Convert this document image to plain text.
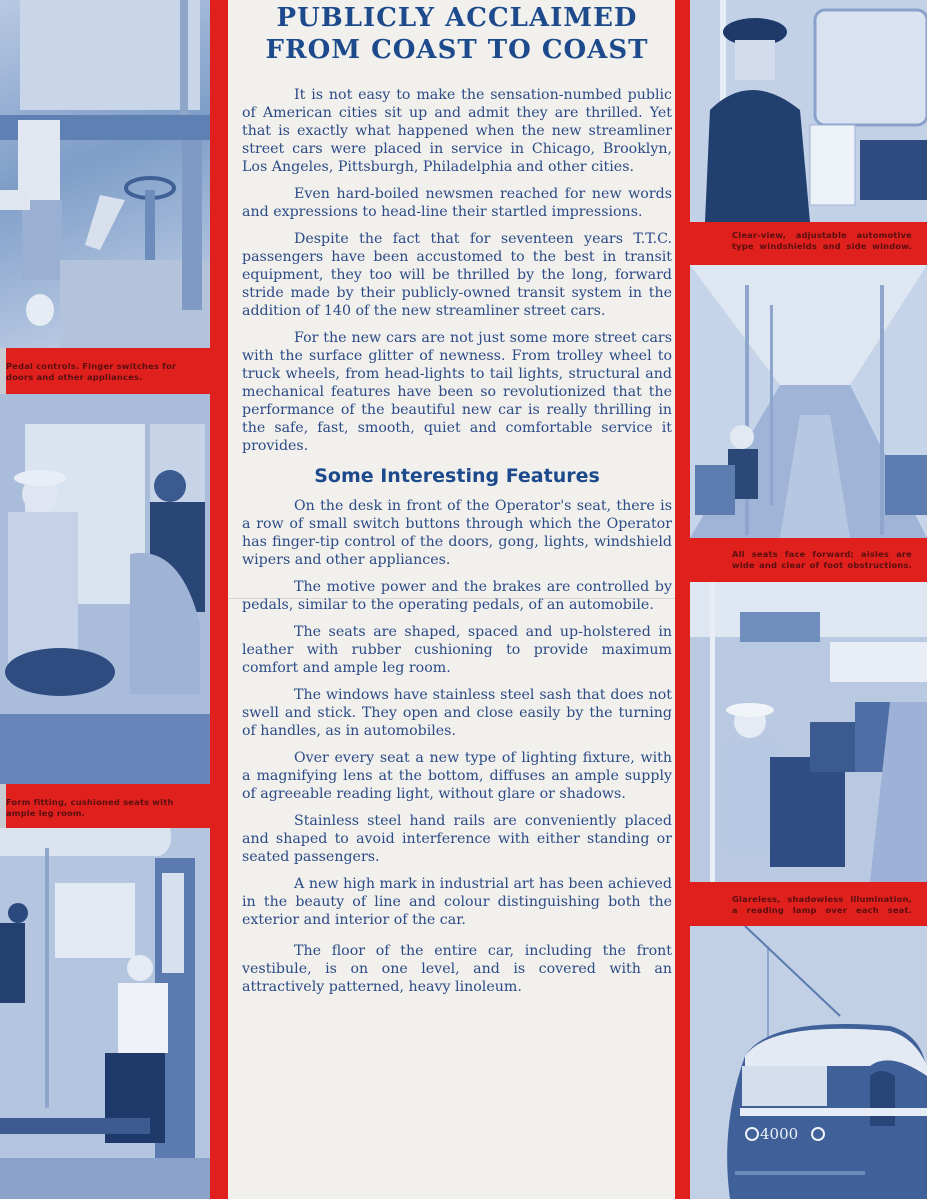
Pedal controls. Finger switches for doors and other appliances.
Form fitting, cushioned seats with ample leg room.
Clear-view, adjustable automotive type windshields and side window.
All seats face forward; aisles are wide and clear of foot obstructions.
Glareless, shadowless illumination, a reading lamp over each seat.
4000
PUBLICLY ACCLAIMED
FROM COAST TO COAST

It is not easy to make the sensation-numbed public of American cities sit up and admit they are thrilled. Yet that is exactly what happened when the new streamliner street cars were placed in service in Chicago, Brooklyn, Los Angeles, Pittsburgh, Philadelphia and other cities.

Even hard-boiled newsmen reached for new words and expressions to head-line their startled impressions.

Despite the fact that for seventeen years T.T.C. passengers have been accustomed to the best in transit equipment, they too will be thrilled by the long, forward stride made by their publicly-owned transit system in the addition of 140 of the new streamliner street cars.

For the new cars are not just some more street cars with the surface glitter of newness. From trolley wheel to truck wheels, from head-lights to tail lights, structural and mechanical features have been so revolutionized that the performance of the beautiful new car is really thrilling in the safe, fast, smooth, quiet and comfortable service it provides.

Some Interesting Features

On the desk in front of the Operator's seat, there is a row of small switch buttons through which the Operator has finger-tip control of the doors, gong, lights, windshield wipers and other appliances.

The motive power and the brakes are controlled by pedals, similar to the operating pedals, of an automobile.

The seats are shaped, spaced and up-holstered in leather with rubber cushioning to provide maximum comfort and ample leg room.

The windows have stainless steel sash that does not swell and stick. They open and close easily by the turning of handles, as in automobiles.

Over every seat a new type of lighting fixture, with a magnifying lens at the bottom, diffuses an ample supply of agreeable reading light, without glare or shadows.

Stainless steel hand rails are conveniently placed and shaped to avoid interference with either standing or seated passengers.

A new high mark in industrial art has been achieved in the beauty of line and colour distinguishing both the exterior and interior of the car.

The floor of the entire car, including the front vestibule, is on one level, and is covered with an attractively patterned, heavy linoleum.
